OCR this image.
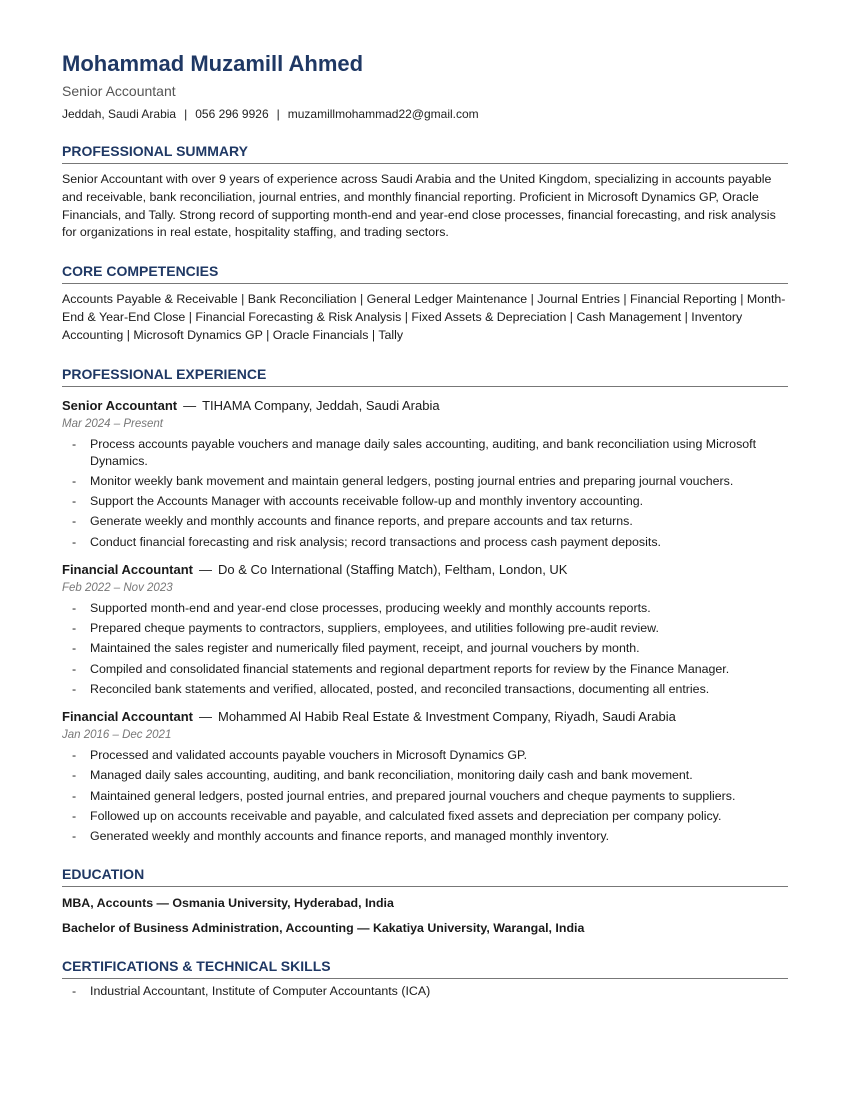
Mohammad Muzamill Ahmed
Senior Accountant
Jeddah, Saudi Arabia | 056 296 9926 | muzamillmohammad22@gmail.com
PROFESSIONAL SUMMARY
Senior Accountant with over 9 years of experience across Saudi Arabia and the United Kingdom, specializing in accounts payable and receivable, bank reconciliation, journal entries, and monthly financial reporting. Proficient in Microsoft Dynamics GP, Oracle Financials, and Tally. Strong record of supporting month-end and year-end close processes, financial forecasting, and risk analysis for organizations in real estate, hospitality staffing, and trading sectors.
CORE COMPETENCIES
Accounts Payable & Receivable | Bank Reconciliation | General Ledger Maintenance | Journal Entries | Financial Reporting | Month-End & Year-End Close | Financial Forecasting & Risk Analysis | Fixed Assets & Depreciation | Cash Management | Inventory Accounting | Microsoft Dynamics GP | Oracle Financials | Tally
PROFESSIONAL EXPERIENCE
Senior Accountant — TIHAMA Company, Jeddah, Saudi Arabia
Mar 2024 – Present
- Process accounts payable vouchers and manage daily sales accounting, auditing, and bank reconciliation using Microsoft Dynamics.
- Monitor weekly bank movement and maintain general ledgers, posting journal entries and preparing journal vouchers.
- Support the Accounts Manager with accounts receivable follow-up and monthly inventory accounting.
- Generate weekly and monthly accounts and finance reports, and prepare accounts and tax returns.
- Conduct financial forecasting and risk analysis; record transactions and process cash payment deposits.
Financial Accountant — Do & Co International (Staffing Match), Feltham, London, UK
Feb 2022 – Nov 2023
- Supported month-end and year-end close processes, producing weekly and monthly accounts reports.
- Prepared cheque payments to contractors, suppliers, employees, and utilities following pre-audit review.
- Maintained the sales register and numerically filed payment, receipt, and journal vouchers by month.
- Compiled and consolidated financial statements and regional department reports for review by the Finance Manager.
- Reconciled bank statements and verified, allocated, posted, and reconciled transactions, documenting all entries.
Financial Accountant — Mohammed Al Habib Real Estate & Investment Company, Riyadh, Saudi Arabia
Jan 2016 – Dec 2021
- Processed and validated accounts payable vouchers in Microsoft Dynamics GP.
- Managed daily sales accounting, auditing, and bank reconciliation, monitoring daily cash and bank movement.
- Maintained general ledgers, posted journal entries, and prepared journal vouchers and cheque payments to suppliers.
- Followed up on accounts receivable and payable, and calculated fixed assets and depreciation per company policy.
- Generated weekly and monthly accounts and finance reports, and managed monthly inventory.
EDUCATION
MBA, Accounts — Osmania University, Hyderabad, India
Bachelor of Business Administration, Accounting — Kakatiya University, Warangal, India
CERTIFICATIONS & TECHNICAL SKILLS
- Industrial Accountant, Institute of Computer Accountants (ICA)
